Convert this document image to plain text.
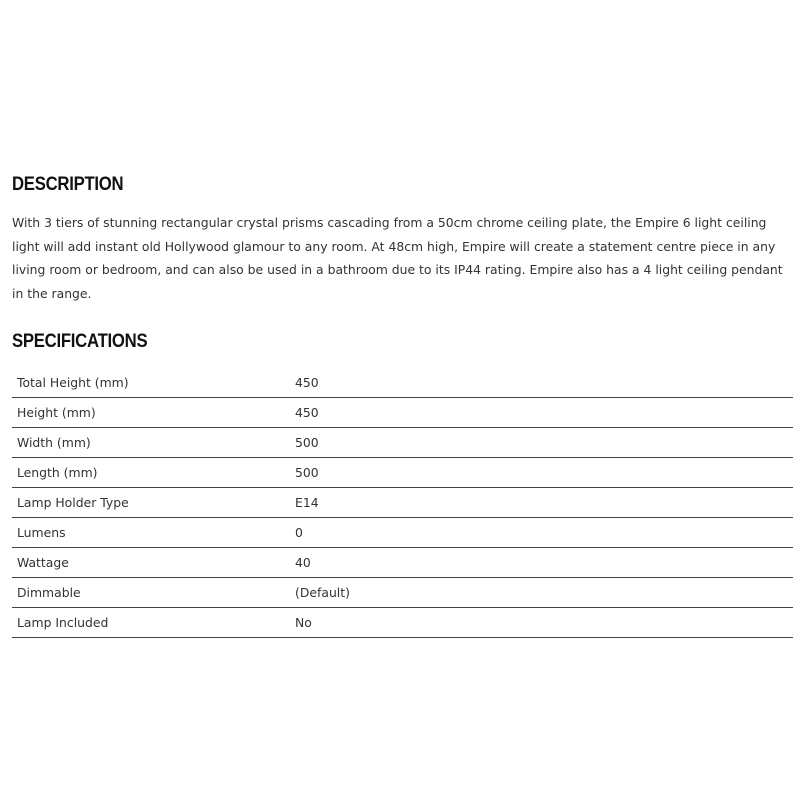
DESCRIPTION

With 3 tiers of stunning rectangular crystal prisms cascading from a 50cm chrome ceiling plate, the Empire 6 light ceiling light will add instant old Hollywood glamour to any room. At 48cm high, Empire will create a statement centre piece in any living room or bedroom, and can also be used in a bathroom due to its IP44 rating. Empire also has a 4 light ceiling pendant in the range.

SPECIFICATIONS
Total Height (mm)	450
Height (mm)	450
Width (mm)	500
Length (mm)	500
Lamp Holder Type	E14
Lumens	0
Wattage	40
Dimmable	(Default)
Lamp Included	No
